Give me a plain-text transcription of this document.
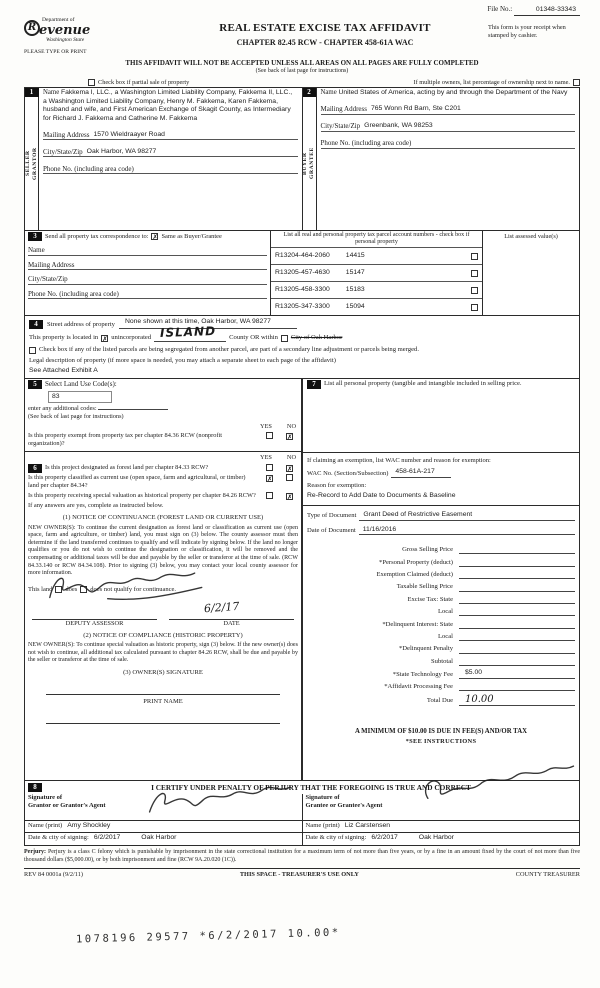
File No.:	01348-33343
R
Department of
evenue
Washington State
PLEASE TYPE OR PRINT
REAL ESTATE EXCISE TAX AFFIDAVIT
CHAPTER 82.45 RCW - CHAPTER 458-61A WAC
This form is your receipt when stamped by cashier.
THIS AFFIDAVIT WILL NOT BE ACCEPTED UNLESS ALL AREAS ON ALL PAGES ARE FULLY COMPLETED
(See back of last page for instructions)
Check box if partial sale of property	If multiple owners, list percentage of ownership next to name.
1
SELLER GRANTOR
Name Fakkema I, LLC., a Washington Limited Liability Company, Fakkema II, LLC., a Washington Limited Liability Company, Henry M. Fakkema, Karen Fakkema, husband and wife, and First American Exchange of Skagit County, as Intermediary for Richard J. Fakkema and Catherine M. Fakkema
Mailing Address 1570 Wieldraayer Road
City/State/Zip Oak Harbor, WA 98277
Phone No. (including area code)
2
BUYER GRANTEE
Name United States of America, acting by and through the Department of the Navy
Mailing Address 765 Wonn Rd Barn, Ste C201
City/State/Zip Greenbank, WA 98253
Phone No. (including area code)
3	Send all property tax correspondence to: ✗ Same as Buyer/Grantee
Name
Mailing Address
City/State/Zip
Phone No. (including area code)
List all real and personal property tax parcel account numbers - check box if personal property
R13204-464-2060 14415
R13205-457-4630 15147
R13205-458-3300 15183
R13205-347-3300 15094
List assessed value(s)
4	Street address of property	None shown at this time, Oak Harbor, WA 98277
This property is located in ✗ unincorporated ISLAND County OR within City of Oak Harbor
Check box if any of the listed parcels are being segregated from another parcel, are part of a secondary line adjustment or parcels being merged.
Legal description of property (if more space is needed, you may attach a separate sheet to each page of the affidavit)
See Attached Exhibit A
5	Select Land Use Code(s):
83
enter any additional codes:
(See back of last page for instructions)
YES NO
Is this property exempt from property tax per chapter 84.36 RCW (nonprofit organization)?
✗
YES NO
6	Is this project designated as forest land per chapter 84.33 RCW?	✗
Is this property classified as current use (open space, farm and agricultural, or timber) land per chapter 84.34?
✗
Is this property receiving special valuation as historical property per chapter 84.26 RCW?	✗
If any answers are yes, complete as instructed below.
(1) NOTICE OF CONTINUANCE (FOREST LAND OR CURRENT USE)
NEW OWNER(S): To continue the current designation as forest land or classification as current use (open space, farm and agriculture, or timber) land, you must sign on (3) below. The county assessor must then determine if the land transferred continues to qualify and will indicate by signing below. If the land no longer qualifies or you do not wish to continue the designation or classification, it will be removed and the compensating or additional taxes will be due and payable by the seller or transferor at the time of sale. (RCW 84.33.140 or RCW 84.34.108). Prior to signing (3) below, you may contact your local county assessor for more information.
This land does does not qualify for continuance.
DEPUTY ASSESSOR
6/2/17
DATE
(2) NOTICE OF COMPLIANCE (HISTORIC PROPERTY)
NEW OWNER(S): To continue special valuation as historic property, sign (3) below. If the new owner(s) does not wish to continue, all additional tax calculated pursuant to chapter 84.26 RCW, shall be due and payable by the seller or transferor at the time of sale.
(3) OWNER(S) SIGNATURE
PRINT NAME
7	List all personal property (tangible and intangible included in selling price.
If claiming an exemption, list WAC number and reason for exemption:
WAC No. (Section/Subsection)	458-61A-217
Reason for exemption:
Re-Record to Add Date to Documents & Baseline
Type of Document	Grant Deed of Restrictive Easement
Date of Document	11/16/2016
Gross Selling Price
*Personal Property (deduct)
Exemption Claimed (deduct)
Taxable Selling Price
Excise Tax: State
Local
*Delinquent Interest: State
Local
*Delinquent Penalty
Subtotal
*State Technology Fee	$5.00
*Affidavit Processing Fee
Total Due	10.00
A MINIMUM OF $10.00 IS DUE IN FEE(S) AND/OR TAX
*SEE INSTRUCTIONS
8	I CERTIFY UNDER PENALTY OF PERJURY THAT THE FOREGOING IS TRUE AND CORRECT
Signature of
Grantor or Grantor's Agent
Name (print) Amy Shockley
Date & city of signing: 6/2/2017	Oak Harbor
Signature of
Grantee or Grantee's Agent
Name (print) Liz Carstensen
Date & city of signing: 6/2/2017	Oak Harbor
Perjury: Perjury is a class C felony which is punishable by imprisonment in the state correctional institution for a maximum term of not more than five years, or by a fine in an amount fixed by the court of not more than five thousand dollars ($5,000.00), or by both imprisonment and fine (RCW 9A.20.020 (1C)).
REV 84 0001a (9/2/11)	THIS SPACE - TREASURER'S USE ONLY	COUNTY TREASURER
1078196 29577 *6/2/2017 10.00*
